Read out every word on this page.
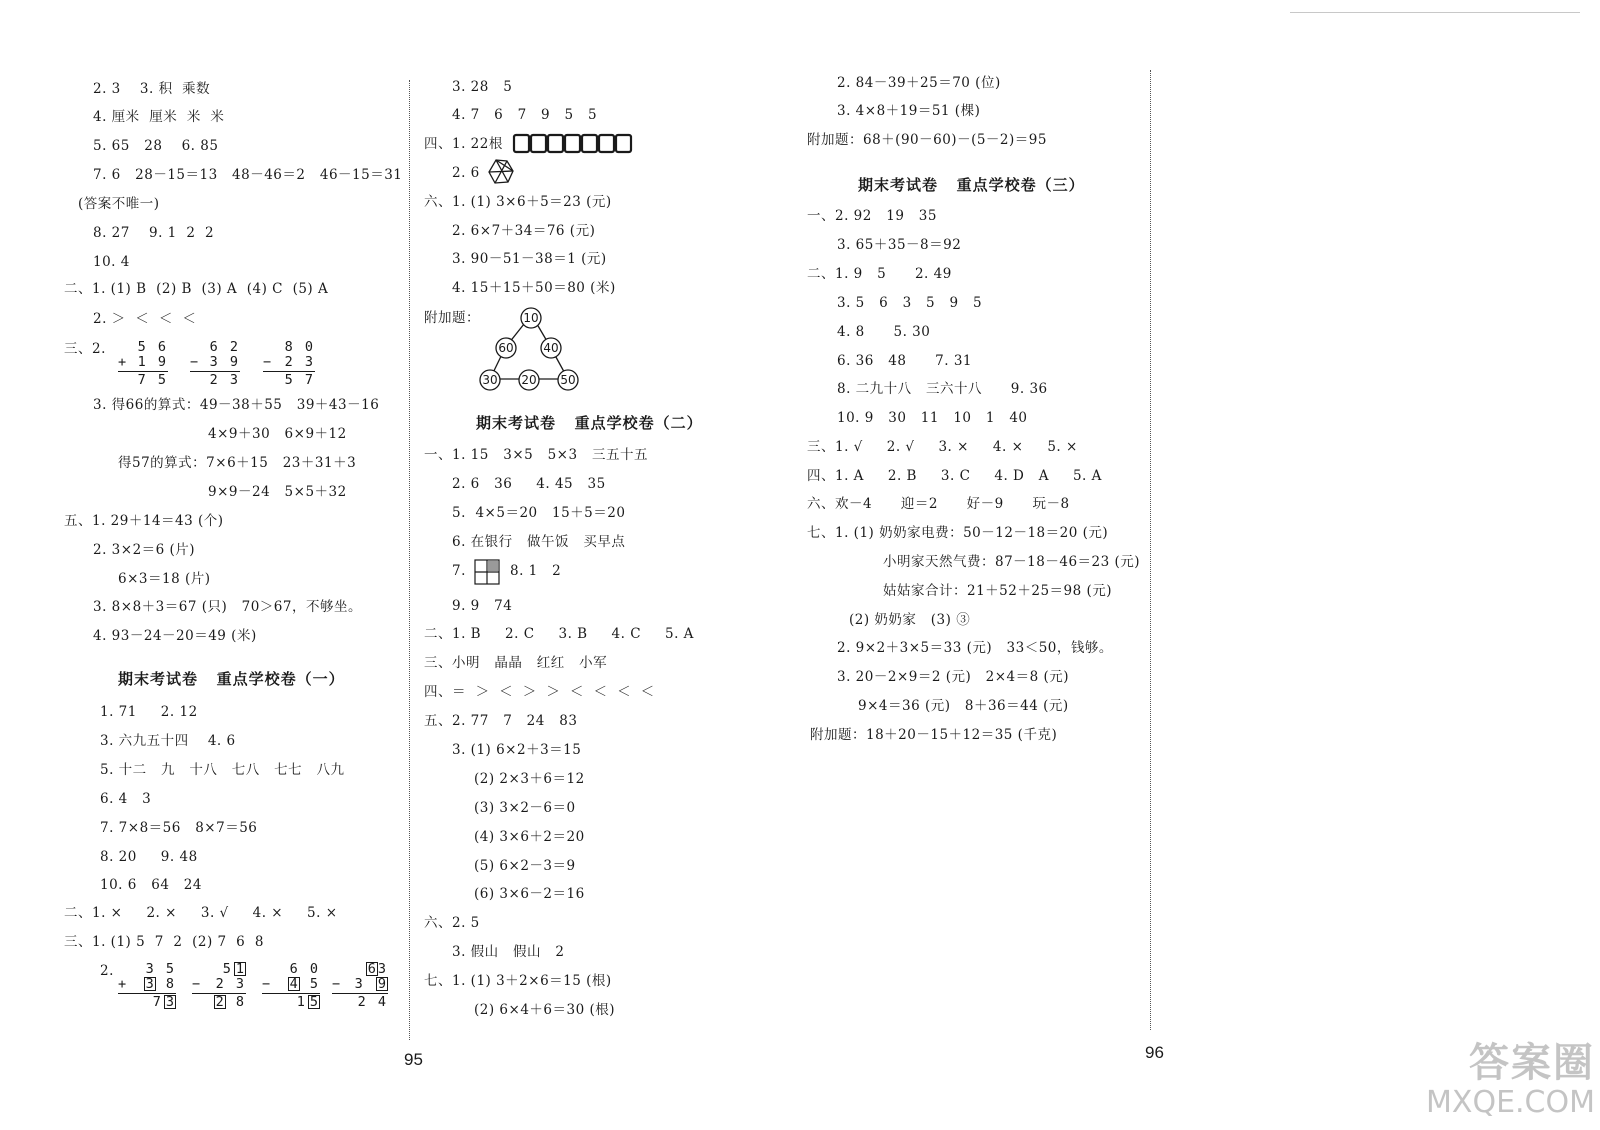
2. 3    3. 积  乘数
4. 厘米  厘米  米  米
5. 65   28    6. 85
7. 6   28－15＝13   48－46＝2   46－15＝31
(答案不唯一)
8. 27    9. 1  2  2
10. 4
二、1. (1) B  (2) B  (3) A  (4) C  (5) A
2. ＞  ＜  ＜  ＜
三、2.	5 6
+ 1 9
7 5
6 2
− 3 9
2 3
8 0
− 2 3
5 7
3. 得66的算式：49－38＋55   39＋43－16
4×9＋30   6×9＋12
得57的算式：7×6＋15   23＋31＋3
9×9－24   5×5＋32
五、1. 29＋14＝43 (个)
2. 3×2＝6 (片)
6×3＝18 (片)
3. 8×8＋3＝67 (只)   70＞67，不够坐。
4. 93－24－20＝49 (米)
期末考试卷   重点学校卷（一）
1. 71     2. 12
3. 六九五十四    4. 6
5. 十二   九   十八   七八   七七   八九
6. 4   3
7. 7×8＝56   8×7＝56
8. 20     9. 48
10. 6   64   24
二、1. ×     2. ×     3. √     4. ×     5. ×
三、1. (1) 5  7  2  (2) 7  6  8
2.	3 5
+ 3 8
7 3
5 1
− 2 3
2 8
6 0
− 4 5
1 5
6 3
− 3 9
2 4
95
3. 28   5
4. 7   6   7   9   5   5
四、1. 22根
2. 6
六、1. (1) 3×6＋5＝23 (元)
2. 6×7＋34＝76 (元)
3. 90－51－38＝1 (元)
4. 15＋15＋50＝80 (米)
附加题：	10
60 40
30 20 50
期末考试卷   重点学校卷（二）
一、1. 15   3×5   5×3   三五十五
2. 6   36     4. 45   35
5.  4×5＝20   15＋5＝20
6. 在银行   做午饭   买早点
7.	8. 1   2
9. 9   74
二、1. B     2. C     3. B     4. C     5. A
三、小明   晶晶   红红   小军
四、＝  ＞  ＜  ＞  ＞  ＜  ＜  ＜  ＜
五、2. 77   7   24   83
3. (1) 6×2＋3＝15
(2) 2×3＋6＝12
(3) 3×2－6＝0
(4) 3×6＋2＝20
(5) 6×2－3＝9
(6) 3×6－2＝16
六、2. 5
3. 假山   假山   2
七、1. (1) 3＋2×6＝15 (根)
(2) 6×4＋6＝30 (根)
2. 84－39＋25＝70 (位)
3. 4×8＋19＝51 (棵)
附加题：68＋(90－60)－(5－2)＝95
期末考试卷   重点学校卷（三）
一、2. 92   19   35
3. 65＋35－8＝92
二、1. 9   5      2. 49
3. 5   6   3   5   9   5
4. 8      5. 30
6. 36   48      7. 31
8. 二九十八   三六十八      9. 36
10. 9   30   11   10   1   40
三、1. √     2. √     3. ×     4. ×     5. ×
四、1. A     2. B     3. C     4. D   A     5. A
六、欢－4      迎＝2      好－9      玩－8
七、1. (1) 奶奶家电费：50－12－18＝20 (元)
小明家天然气费：87－18－46＝23 (元)
姑姑家合计：21＋52＋25＝98 (元)
(2) 奶奶家   (3) ③
2. 9×2＋3×5＝33 (元)   33＜50，钱够。
3. 20－2×9＝2 (元)   2×4＝8 (元)
9×4＝36 (元)   8＋36＝44 (元)
附加题：18＋20－15＋12＝35 (千克)
96	答案圈
MXQE.COM
